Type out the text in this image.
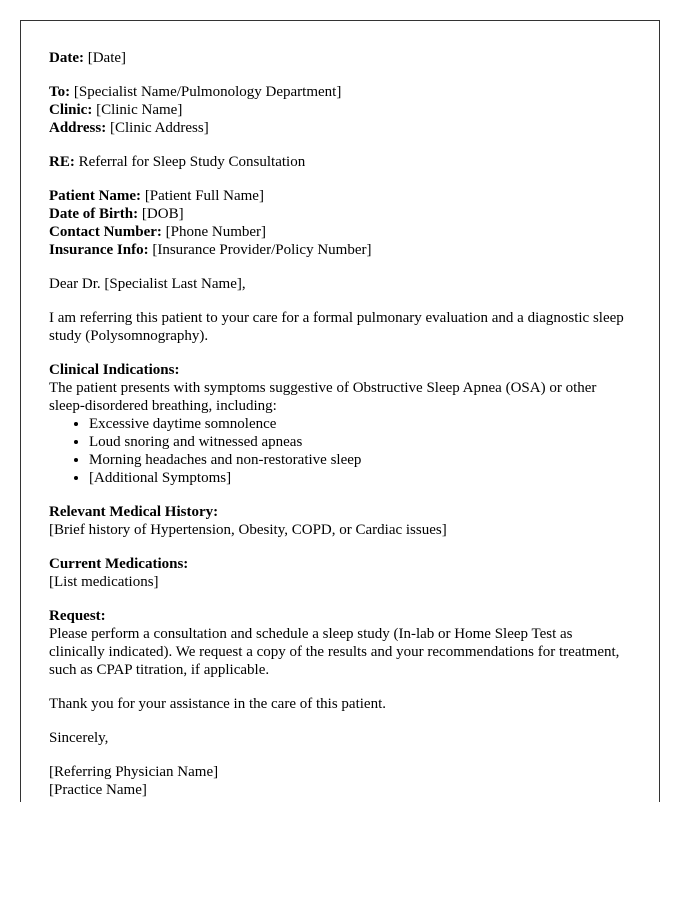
Date: [Date]
To: [Specialist Name/Pulmonology Department]
Clinic: [Clinic Name]
Address: [Clinic Address]
RE: Referral for Sleep Study Consultation
Patient Name: [Patient Full Name]
Date of Birth: [DOB]
Contact Number: [Phone Number]
Insurance Info: [Insurance Provider/Policy Number]
Dear Dr. [Specialist Last Name],
I am referring this patient to your care for a formal pulmonary evaluation and a diagnostic sleep study (Polysomnography).
Clinical Indications:
The patient presents with symptoms suggestive of Obstructive Sleep Apnea (OSA) or other sleep-disordered breathing, including:
• Excessive daytime somnolence
• Loud snoring and witnessed apneas
• Morning headaches and non-restorative sleep
• [Additional Symptoms]
Relevant Medical History:
[Brief history of Hypertension, Obesity, COPD, or Cardiac issues]
Current Medications:
[List medications]
Request:
Please perform a consultation and schedule a sleep study (In-lab or Home Sleep Test as clinically indicated). We request a copy of the results and your recommendations for treatment, such as CPAP titration, if applicable.
Thank you for your assistance in the care of this patient.
Sincerely,
[Referring Physician Name]
[Practice Name]
